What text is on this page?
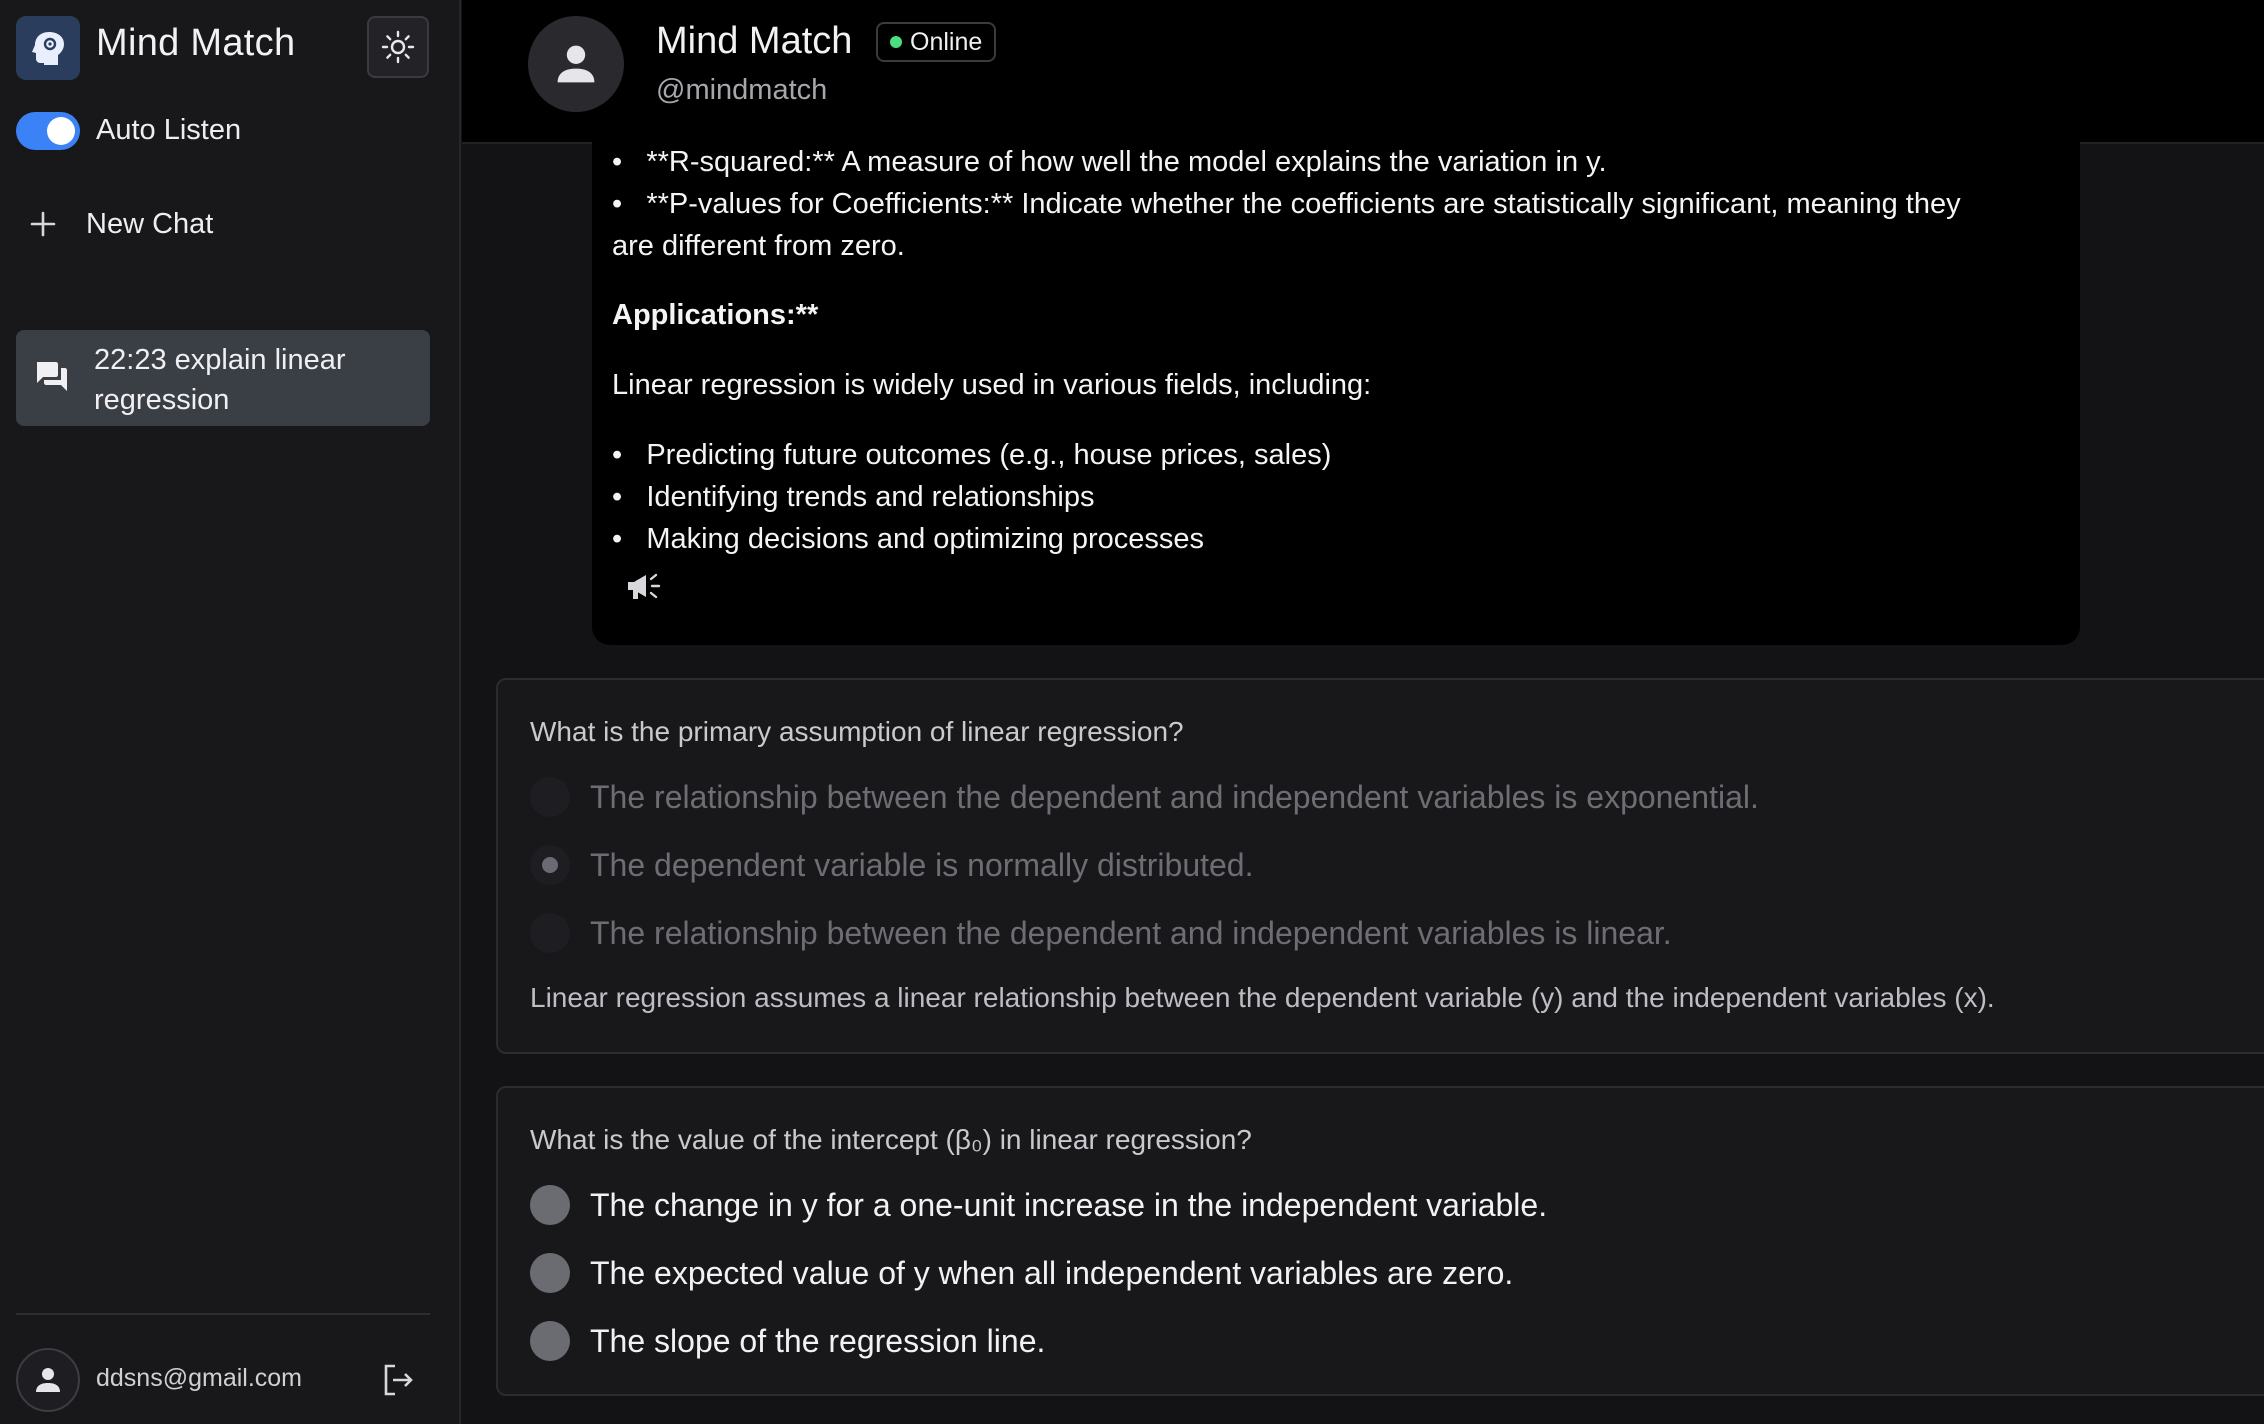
Mind Match
Auto Listen
New Chat
22:23 explain linear regression
ddsns@gmail.com
Mind Match Online
@mindmatch
•   **R-squared:** A measure of how well the model explains the variation in y.
•   **P-values for Coefficients:** Indicate whether the coefficients are statistically significant, meaning they
are different from zero.
Applications:**
Linear regression is widely used in various fields, including:
•   Predicting future outcomes (e.g., house prices, sales)
•   Identifying trends and relationships
•   Making decisions and optimizing processes
What is the primary assumption of linear regression?
The relationship between the dependent and independent variables is exponential.
The dependent variable is normally distributed.
The relationship between the dependent and independent variables is linear.
Linear regression assumes a linear relationship between the dependent variable (y) and the independent variables (x).
What is the value of the intercept (β₀) in linear regression?
The change in y for a one-unit increase in the independent variable.
The expected value of y when all independent variables are zero.
The slope of the regression line.
